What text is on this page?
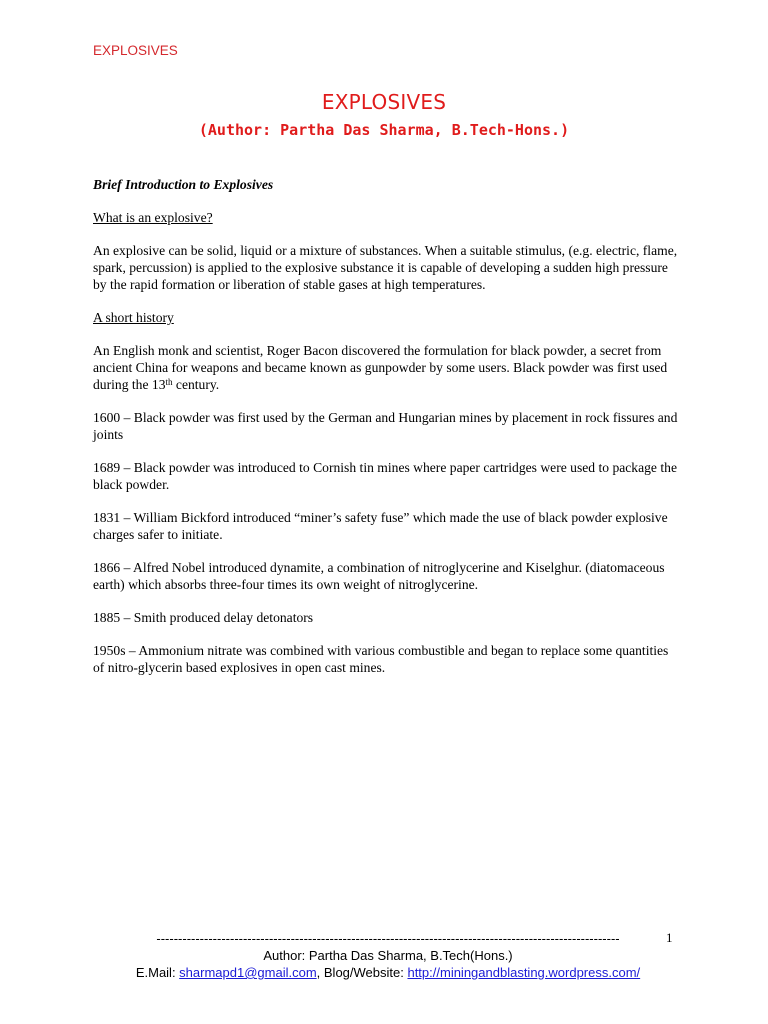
EXPLOSIVES
EXPLOSIVES
(Author: Partha Das Sharma, B.Tech-Hons.)

Brief Introduction to Explosives

What is an explosive?

An explosive can be solid, liquid or a mixture of substances. When a suitable stimulus, (e.g. electric, flame, spark, percussion) is applied to the explosive substance it is capable of developing a sudden high pressure by the rapid formation or liberation of stable gases at high temperatures.

A short history

An English monk and scientist, Roger Bacon discovered the formulation for black powder, a secret from ancient China for weapons and became known as gunpowder by some users. Black powder was first used during the 13th century.

1600 – Black powder was first used by the German and Hungarian mines by placement in rock fissures and joints

1689 – Black powder was introduced to Cornish tin mines where paper cartridges were used to package the black powder.

1831 – William Bickford introduced “miner’s safety fuse” which made the use of black powder explosive charges safer to initiate.

1866 – Alfred Nobel introduced dynamite, a combination of nitroglycerine and Kiselghur. (diatomaceous earth) which absorbs three-four times its own weight of nitroglycerine.

1885 – Smith produced delay detonators

1950s – Ammonium nitrate was combined with various combustible and began to replace some quantities of nitro-glycerin based explosives in open cast mines.

-----------------------------------------------------------------------------------------------------------
Author: Partha Das Sharma, B.Tech(Hons.)
E.Mail: sharmapd1@gmail.com, Blog/Website: http://miningandblasting.wordpress.com/
1
